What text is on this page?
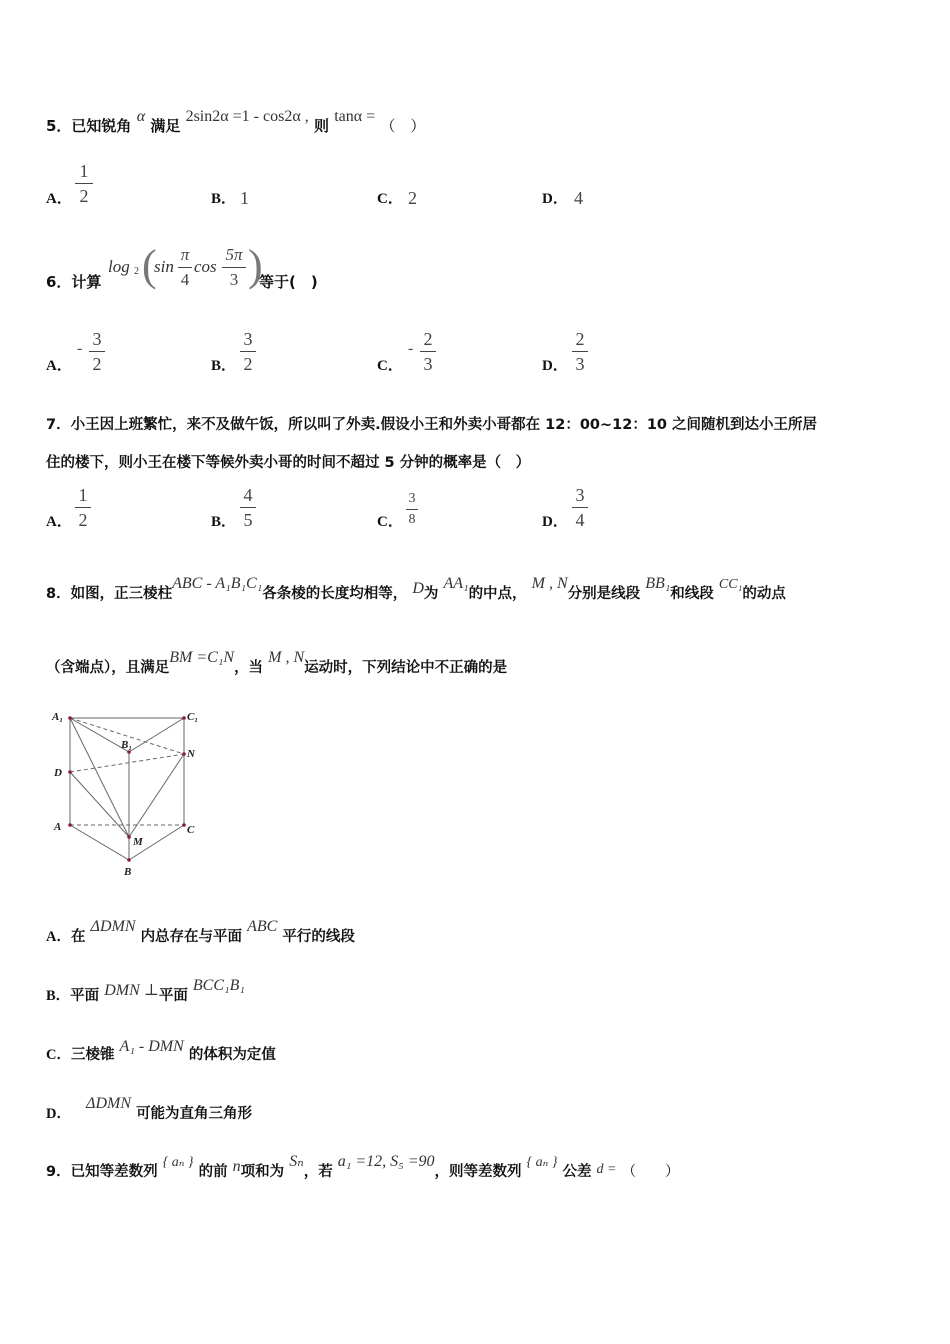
5．已知锐角 α 满足 2sin2α =1 - cos2α , 则 tanα = （　）
A．
1
2	B． 1	C． 2	D． 4
6．计算
log 2 (
sin
π
4
cos
5π
3 )
等于(　)
A．
- 3
2	B．
3
2	C．
- 2
3	D．
2
3
7．小王因上班繁忙，来不及做午饭，所以叫了外卖.假设小王和外卖小哥都在 12：00~12：10 之间随机到达小王所居
住的楼下，则小王在楼下等候外卖小哥的时间不超过 5 分钟的概率是（　）
A．
1
2	B．
4
5	C．
3
8	D．
3
4
8．如图，正三棱柱ABC - A₁B₁C₁各条棱的长度均相等， D为 AA₁的中点， M , N分别是线段 BB₁和线段 CC₁的动点
（含端点），且满足BM =C₁N，当 M , N运动时，下列结论中不正确的是
A₁	C₁
B₁
N
D
A	C
M
B
A．在 ΔDMN 内总存在与平面 ABC 平行的线段
B．平面 DMN ⊥平面 BCC₁B₁
C．三棱锥 A₁ - DMN 的体积为定值
D． ΔDMN 可能为直角三角形
9．已知等差数列 { aₙ } 的前 n项和为 Sₙ，若 a₁ =12, S₅ =90，则等差数列 { aₙ } 公差 d = （　　）
